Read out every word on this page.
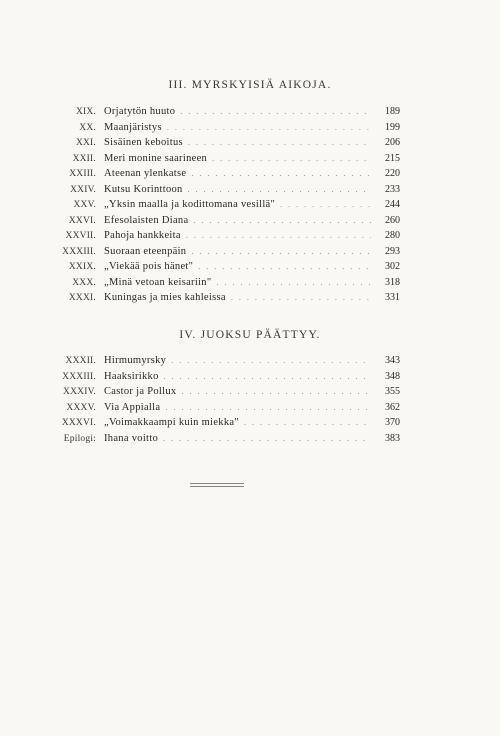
III. MYRSKYISIÄ AIKOJA.
XIX. Orjatytön huuto . . .	189
XX. Maanjäristys . . .	199
XXI. Sisäinen keboitus . . .	206
XXII. Meri monine saarineen . . .	215
XXIII. Ateenan ylenkatse . . .	220
XXIV. Kutsu Korinttoon . . .	233
XXV. „Yksin maalla ja kodittomana vesillä" . . .	244
XXVI. Efesolaisten Diana . . .	260
XXVII. Pahoja hankkeita . . .	280
XXXIII. Suoraan eteenpäin . . .	293
XXIX. „Viekää pois hänet" . . .	302
XXX. „Minä vetoan keisariin" . . .	318
XXXI. Kuningas ja mies kahleissa . . .	331
IV. JUOKSU PÄÄTTYY.
XXXII. Hirmumyrsky . . .	343
XXXIII. Haaksirikko . . .	348
XXXIV. Castor ja Pollux . . .	355
XXXV. Via Appialla . . .	362
XXXVI. „Voimakkaampi kuin miekka" . . .	370
Epilogi: Ihana voitto . . .	383
